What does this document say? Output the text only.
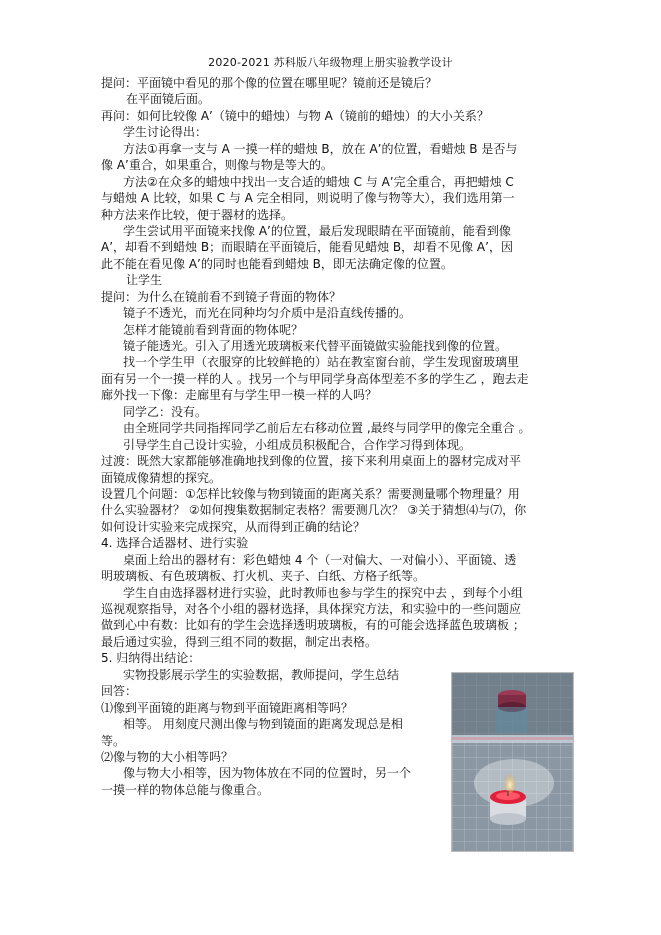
2020-2021 苏科版八年级物理上册实验教学设计
提问：平面镜中看见的那个像的位置在哪里呢？镜前还是镜后？
在平面镜后面。
再问：如何比较像 A’（镜中的蜡烛）与物 A（镜前的蜡烛）的大小关系？
学生讨论得出：
方法①再拿一支与 A 一摸一样的蜡烛 B，放在 A’的位置，看蜡烛 B 是否与
像 A’重合，如果重合，则像与物是等大的。
方法②在众多的蜡烛中找出一支合适的蜡烛 C 与 A’完全重合，再把蜡烛 C
与蜡烛 A 比较，如果 C 与 A 完全相同，则说明了像与物等大），我们选用第一
种方法来作比较，便于器材的选择。
学生尝试用平面镜来找像 A’的位置，最后发现眼睛在平面镜前，能看到像
A’，却看不到蜡烛 B；而眼睛在平面镜后，能看见蜡烛 B，却看不见像 A’，因
此不能在看见像 A’的同时也能看到蜡烛 B，即无法确定像的位置。
让学生
提问：为什么在镜前看不到镜子背面的物体？
镜子不透光，而光在同种均匀介质中是沿直线传播的。
怎样才能镜前看到背面的物体呢？
镜子能透光。引入了用透光玻璃板来代替平面镜做实验能找到像的位置。
找一个学生甲（衣服穿的比较鲜艳的）站在教室窗台前，学生发现窗玻璃里
面有另一个一摸一样的人 。找另一个与甲同学身高体型差不多的学生乙 ，跑去走
廊外找一下像：走廊里有与学生甲一模一样的人吗？
同学乙：没有。
由全班同学共同指挥同学乙前后左右移动位置 ,最终与同学甲的像完全重合 。
引导学生自己设计实验，小组成员积极配合，合作学习得到体现。
过渡：既然大家都能够准确地找到像的位置，接下来利用桌面上的器材完成对平
面镜成像猜想的探究。
设置几个问题：①怎样比较像与物到镜面的距离关系？需要测量哪个物理量？用
什么实验器材？ ②如何搜集数据制定表格？需要测几次？ ③关于猜想⑷与⑺，你
如何设计实验来完成探究，从而得到正确的结论？
4. 选择合适器材、进行实验
桌面上给出的器材有：彩色蜡烛 4 个（一对偏大、一对偏小）、平面镜、透
明玻璃板、有色玻璃板、打火机、夹子、白纸、方格子纸等。
学生自由选择器材进行实验，此时教师也参与学生的探究中去 ，到每个小组
巡视观察指导，对各个小组的器材选择，具体探究方法，和实验中的一些问题应
做到心中有数：比如有的学生会选择透明玻璃板，有的可能会选择蓝色玻璃板 ；
最后通过实验，得到三组不同的数据，制定出表格。
5. 归纳得出结论：
实物投影展示学生的实验数据，教师提问，学生总结
回答：
⑴像到平面镜的距离与物到平面镜距离相等吗？
相等。 用刻度尺测出像与物到镜面的距离发现总是相
等。
⑵像与物的大小相等吗？
像与物大小相等，因为物体放在不同的位置时，另一个
一摸一样的物体总能与像重合。
